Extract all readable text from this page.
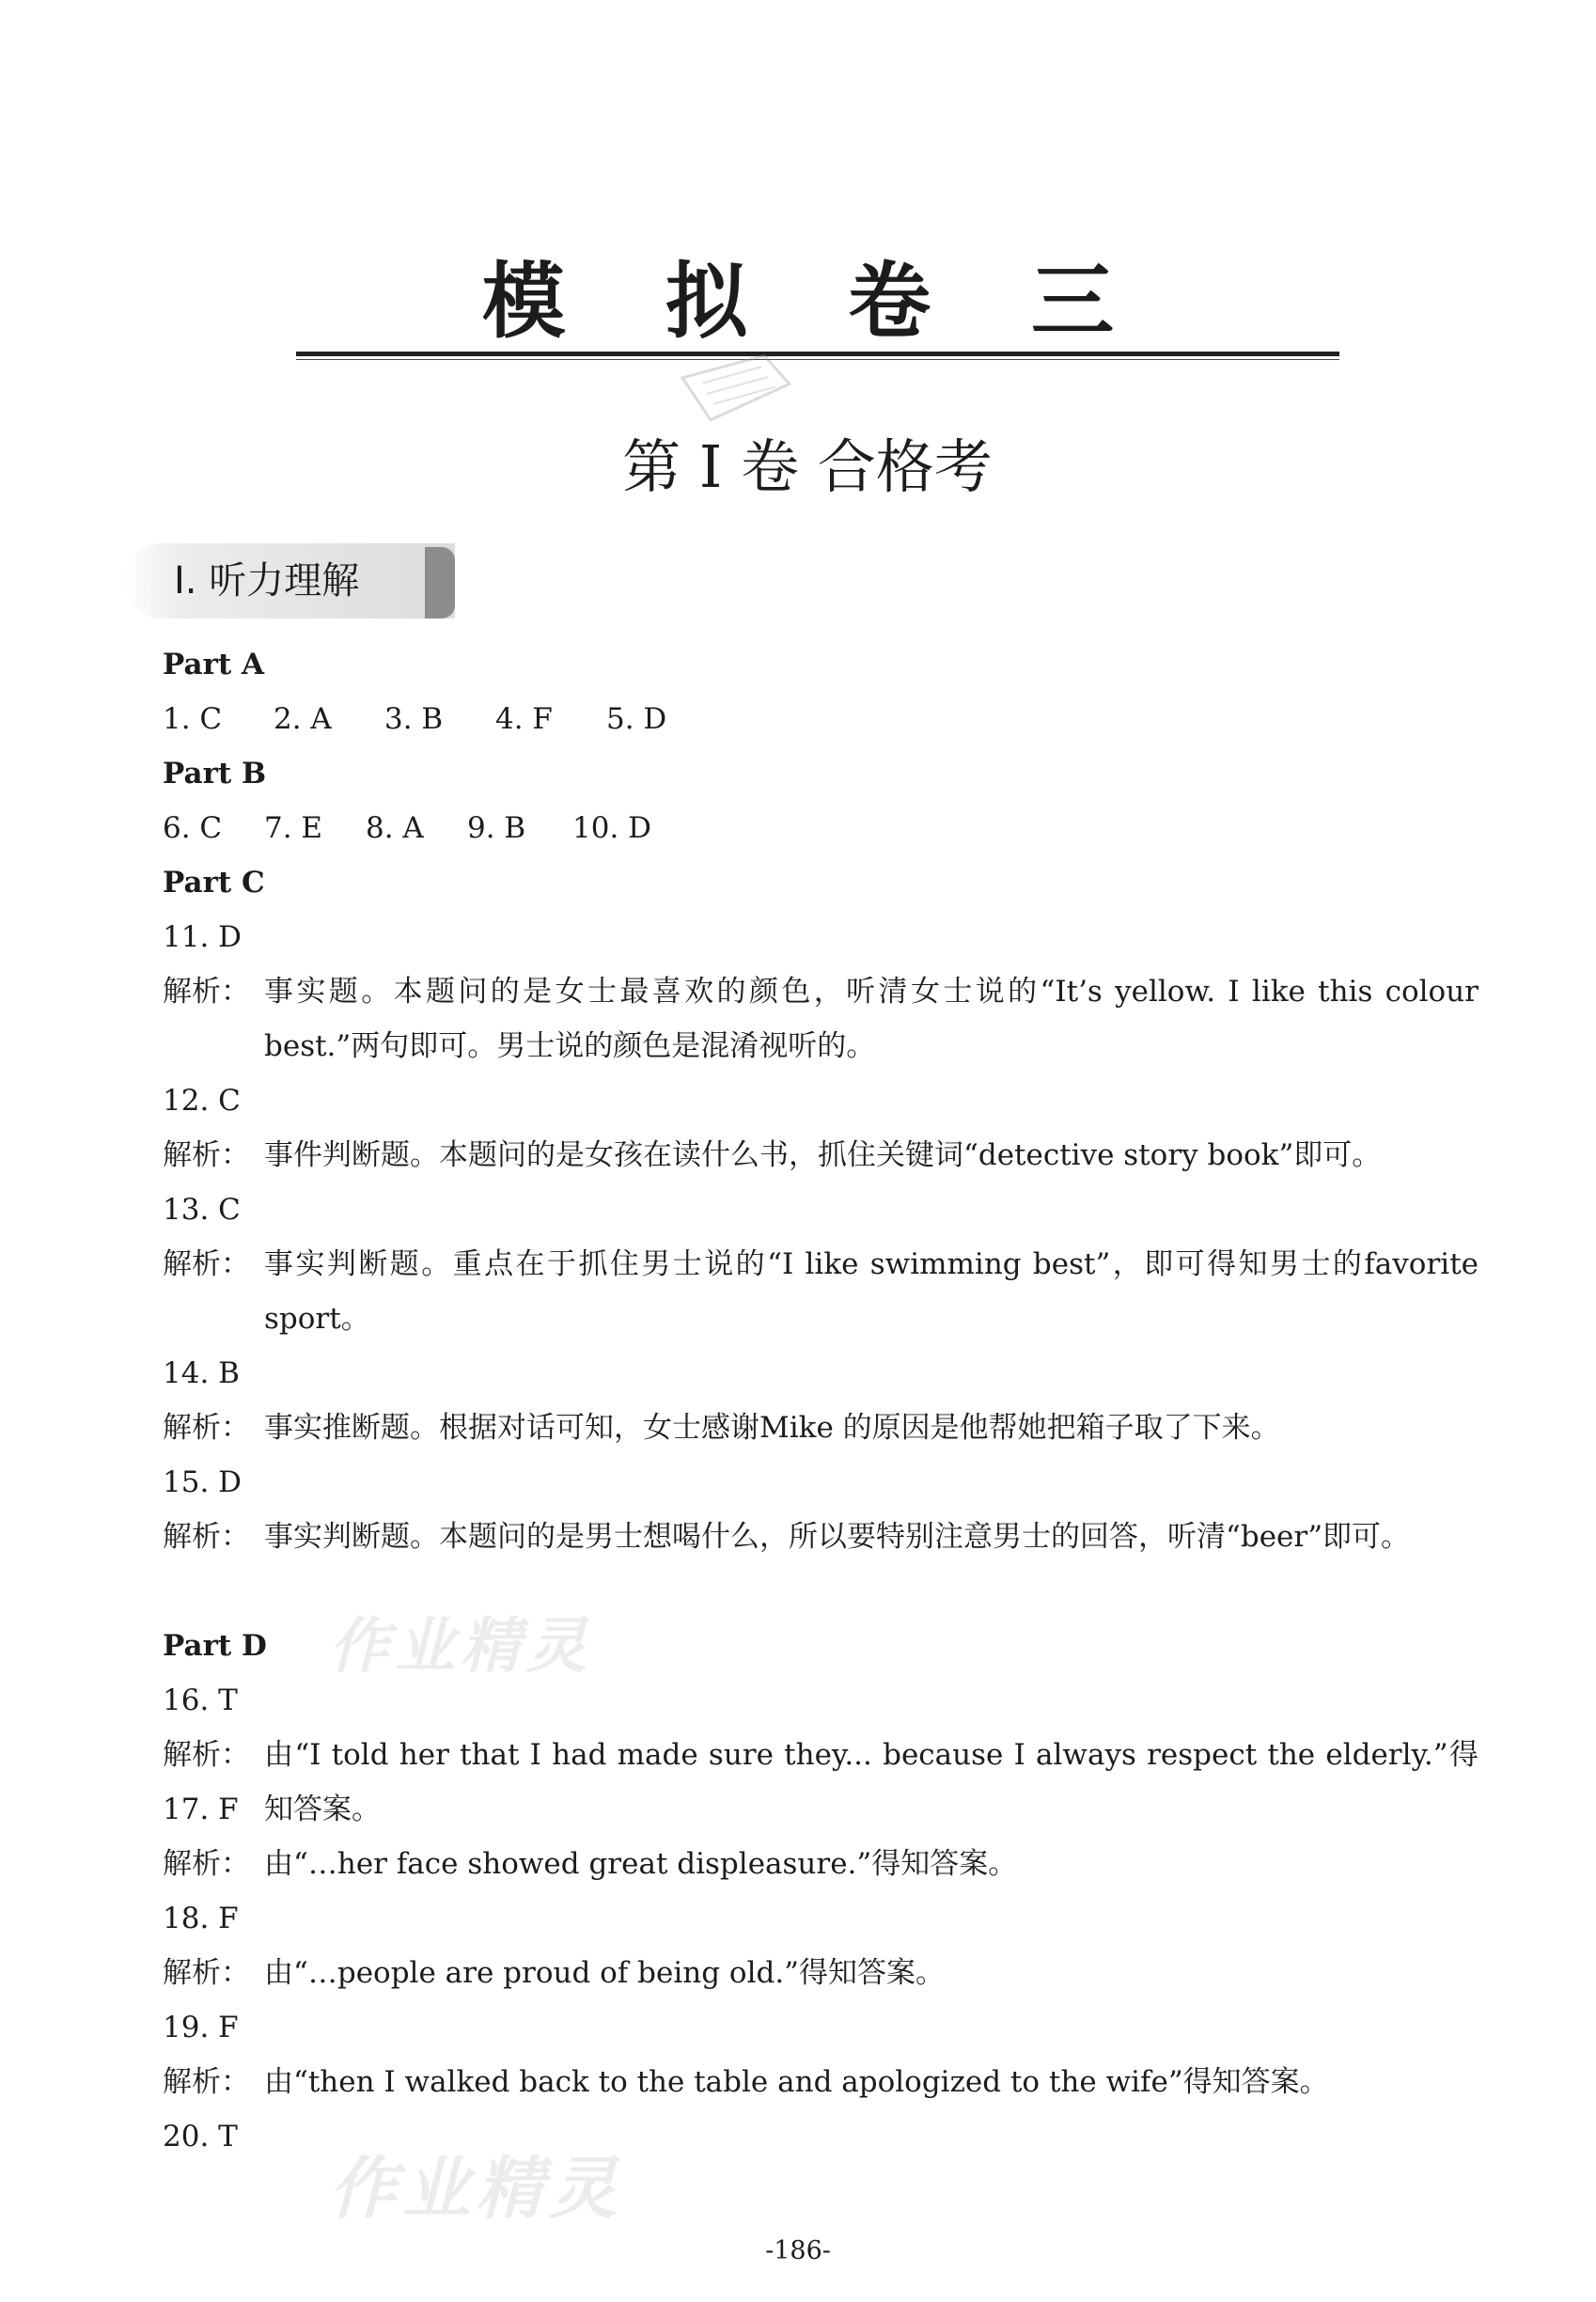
模 拟 卷 三
第 I 卷 合格考
Ⅰ. 听力理解
Part A
1. C 2. A 3. B 4. F 5. D
Part B
6. C 7. E 8. A 9. B 10. D
Part C
11. D
解析： 事实题。本题问的是女士最喜欢的颜色，听清女士说的“It’s yellow. I like this colour best.”两句即可。男士说的颜色是混淆视听的。
12. C
解析： 事件判断题。本题问的是女孩在读什么书，抓住关键词“detective story book”即可。
13. C
解析： 事实判断题。重点在于抓住男士说的“I like swimming best”，即可得知男士的favorite sport。
14. B
解析： 事实推断题。根据对话可知，女士感谢Mike 的原因是他帮她把箱子取了下来。
15. D
解析： 事实判断题。本题问的是男士想喝什么，所以要特别注意男士的回答，听清“beer”即可。
Part D
16. T
解析： 由“I told her that I had made sure they... because I always respect the elderly.”得知答案。
17. F
解析： 由“…her face showed great displeasure.”得知答案。
18. F
解析： 由“…people are proud of being old.”得知答案。
19. F
解析： 由“then I walked back to the table and apologized to the wife”得知答案。
20. T
作业精灵
作业精灵
-186-
